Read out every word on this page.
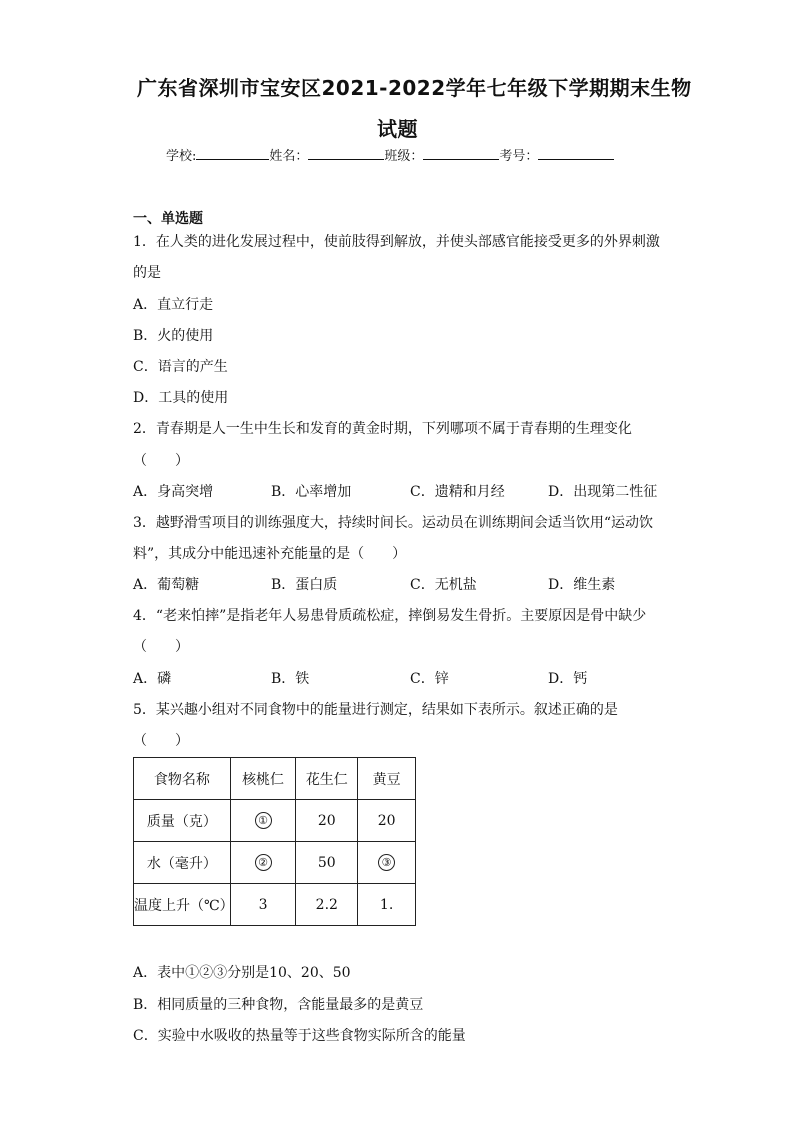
广东省深圳市宝安区2021-2022学年七年级下学期期末生物
试题
学校:	姓名：	班级：	考号：
一、单选题
1．在人类的进化发展过程中，使前肢得到解放，并使头部感官能接受更多的外界刺激
的是
A．直立行走
B．火的使用
C．语言的产生
D．工具的使用
2．青春期是人一生中生长和发育的黄金时期，下列哪项不属于青春期的生理变化
（　　）
A．身高突增	B．心率增加	C．遗精和月经	D．出现第二性征
3．越野滑雪项目的训练强度大，持续时间长。运动员在训练期间会适当饮用“运动饮
料”，其成分中能迅速补充能量的是（　　）
A．葡萄糖	B．蛋白质	C．无机盐	D．维生素
4．“老来怕摔”是指老年人易患骨质疏松症，摔倒易发生骨折。主要原因是骨中缺少
（　　）
A．磷	B．铁	C．锌	D．钙
5．某兴趣小组对不同食物中的能量进行测定，结果如下表所示。叙述正确的是
（　　）
食物名称	核桃仁	花生仁	黄豆
质量（克）	①	20	20
水（毫升）	②	50	③
温度上升（℃）	3	2.2	1.
A．表中①②③分别是10、20、50
B．相同质量的三种食物，含能量最多的是黄豆
C．实验中水吸收的热量等于这些食物实际所含的能量
